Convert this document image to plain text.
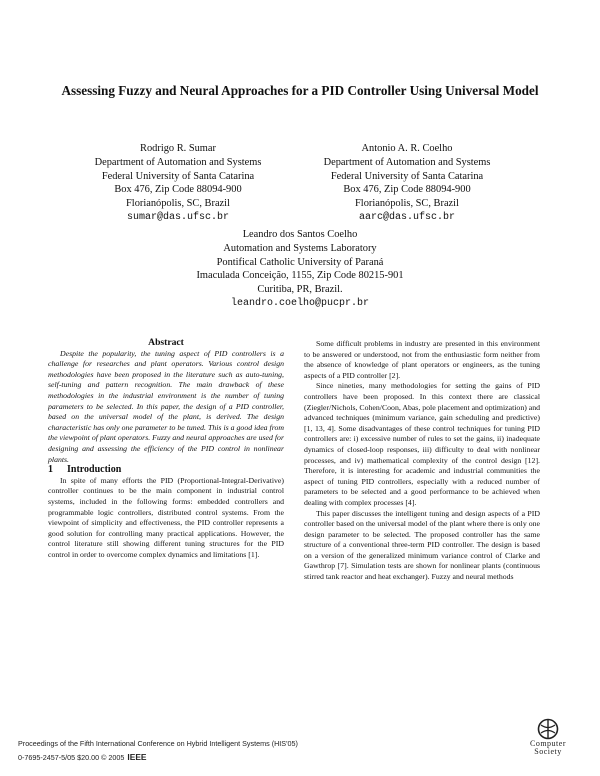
Assessing Fuzzy and Neural Approaches for a PID Controller Using Universal Model
Rodrigo R. Sumar
Department of Automation and Systems
Federal University of Santa Catarina
Box 476, Zip Code 88094-900
Florianópolis, SC, Brazil
sumar@das.ufsc.br
Antonio A. R. Coelho
Department of Automation and Systems
Federal University of Santa Catarina
Box 476, Zip Code 88094-900
Florianópolis, SC, Brazil
aarc@das.ufsc.br
Leandro dos Santos Coelho
Automation and Systems Laboratory
Pontifical Catholic University of Paraná
Imaculada Conceição, 1155, Zip Code 80215-901
Curitiba, PR, Brazil.
leandro.coelho@pucpr.br

Abstract

Despite the popularity, the tuning aspect of PID controllers is a challenge for researches and plant operators. Various control design methodologies have been proposed in the literature such as auto-tuning, self-tuning and pattern recognition. The main drawback of these methodologies in the industrial environment is the number of tuning parameters to be selected. In this paper, the design of a PID controller, based on the universal model of the plant, is derived. The design characteristic has only one parameter to be tuned. This is a good idea from the viewpoint of plant operators. Fuzzy and neural approaches are used for designing and assessing the efficiency of the PID control in nonlinear plants.

1 Introduction

In spite of many efforts the PID (Proportional-Integral-Derivative) controller continues to be the main component in industrial control systems, included in the following forms: embedded controllers and programmable logic controllers, distributed control systems. From the viewpoint of simplicity and effectiveness, the PID controller represents a good solution for controlling many practical applications. However, the control literature still showing different tuning structures for the PID control in order to overcome complex dynamics and limitations [1].

Some difficult problems in industry are presented in this environment to be answered or understood, not from the enthusiastic form neither from the absence of knowledge of plant operators or engineers, as the tuning aspects of a PID controller [2].

Since nineties, many methodologies for setting the gains of PID controllers have been proposed. In this context there are classical (Ziegler/Nichols, Cohen/Coon, Abas, pole placement and optimization) and advanced techniques (minimum variance, gain scheduling and predictive) [1, 13, 4]. Some disadvantages of these control techniques for tuning PID controllers are: i) excessive number of rules to set the gains, ii) inadequate dynamics of closed-loop responses, iii) difficulty to deal with nonlinear processes, and iv) mathematical complexity of the control design [12]. Therefore, it is interesting for academic and industrial communities the aspect of tuning PID controllers, especially with a reduced number of parameters to be selected and a good performance to be achieved when dealing with complex processes [4].

This paper discusses the intelligent tuning and design aspects of a PID controller based on the universal model of the plant where there is only one design parameter to be selected. The proposed controller has the same structure of a conventional three-term PID controller. The design is based on a version of the generalized minimum variance control of Clarke and Gawthrop [7]. Simulation tests are shown for nonlinear plants (continuous stirred tank reactor and heat exchanger). Fuzzy and neural methods

Proceedings of the Fifth International Conference on Hybrid Intelligent Systems (HIS'05)
0-7695-2457-5/05 $20.00 © 2005 IEEE
Computer
Society
